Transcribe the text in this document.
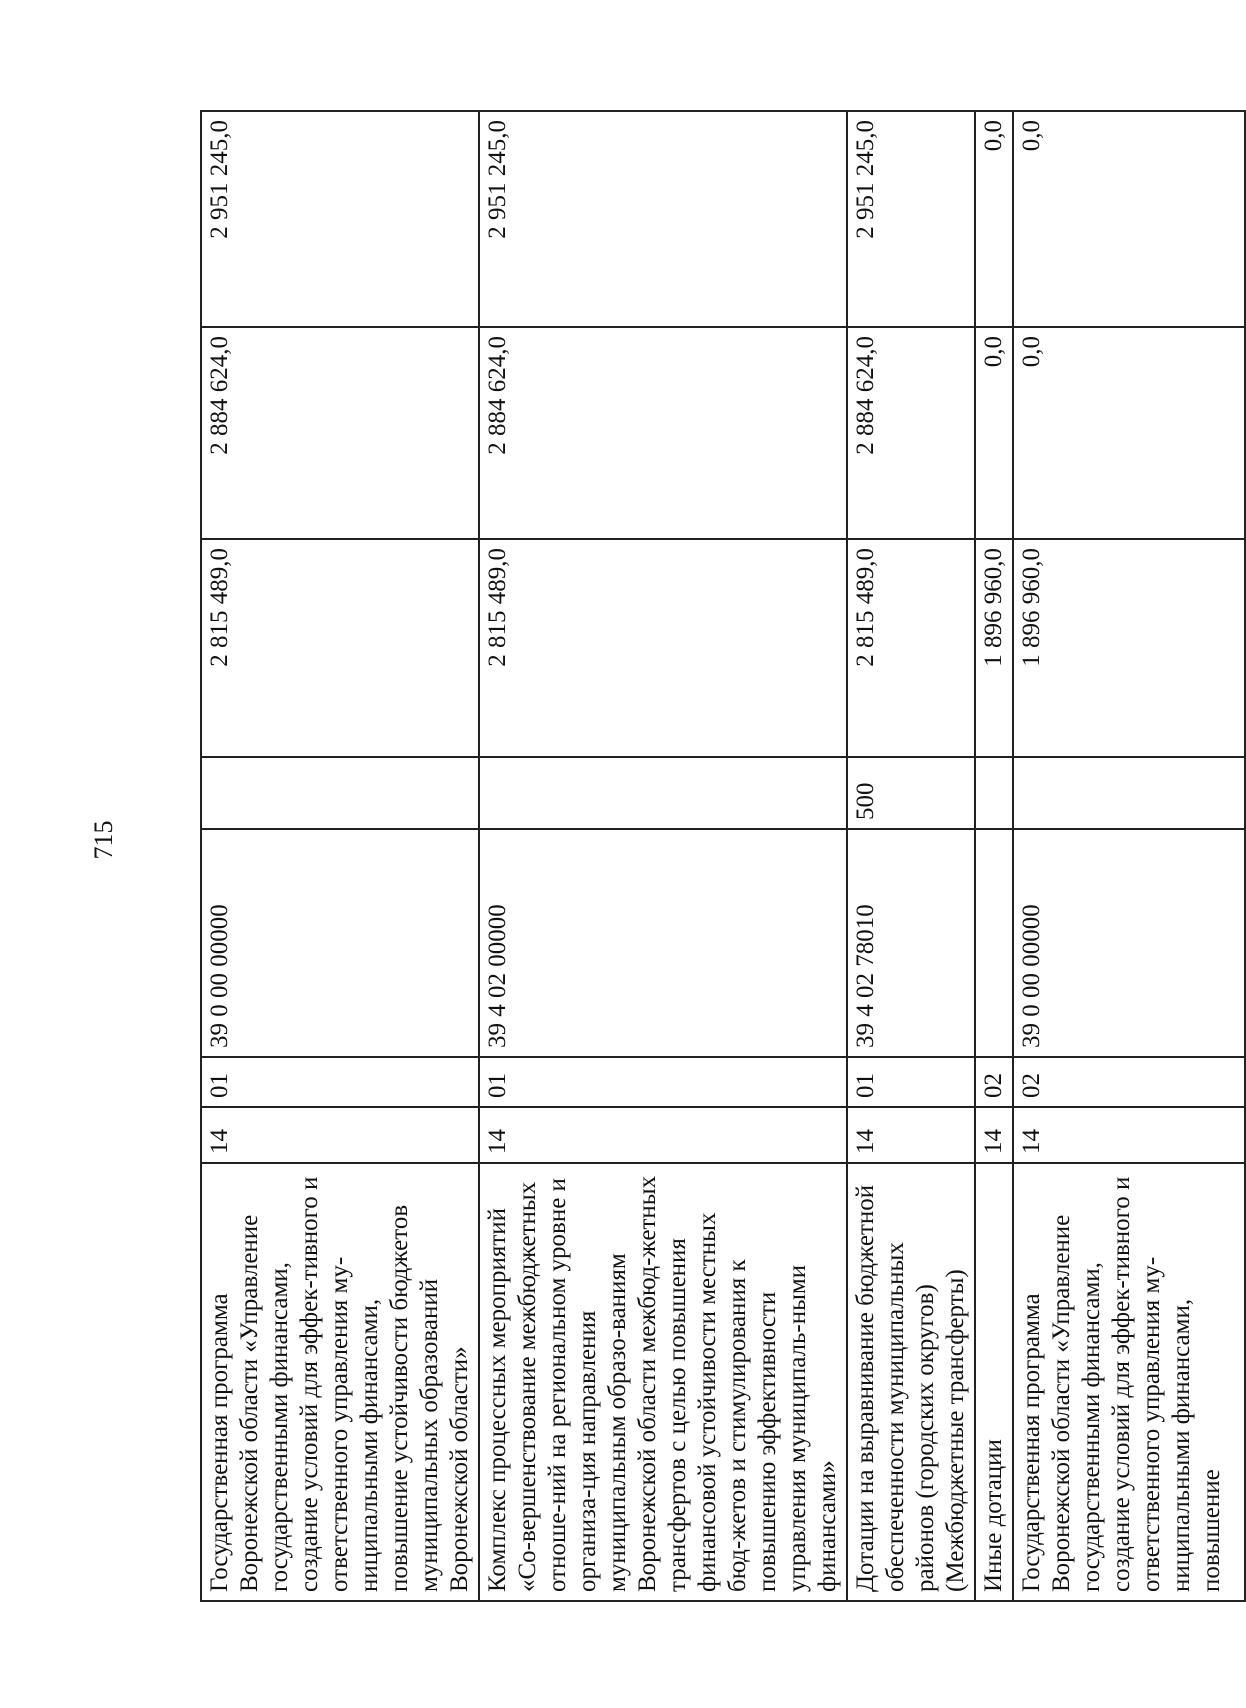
715
Государственная программа Воронежской области «Управление государственными финансами, создание условий для эффек-тивного и ответственного управления му-ниципальными финансами, повышение устойчивости бюджетов муниципальных образований Воронежской области»	14	01	39 0 00 00000		2 815 489,0	2 884 624,0	2 951 245,0
Комплекс процессных мероприятий «Со-вершенствование межбюджетных отноше-ний на региональном уровне и организа-ция направления муниципальным образо-ваниям Воронежской области межбюд-жетных трансфертов с целью повышения финансовой устойчивости местных бюд-жетов и стимулирования к повышению эффективности управления муниципаль-ными финансами»	14	01	39 4 02 00000		2 815 489,0	2 884 624,0	2 951 245,0
Дотации на выравнивание бюджетной обеспеченности муниципальных районов (городских округов) (Межбюджетные трансферты)	14	01	39 4 02 78010	500	2 815 489,0	2 884 624,0	2 951 245,0
Иные дотации	14	02			1 896 960,0	0,0	0,0
Государственная программа Воронежской области «Управление государственными финансами, создание условий для эффек-тивного и ответственного управления му-ниципальными финансами, повышение	14	02	39 0 00 00000		1 896 960,0	0,0	0,0
